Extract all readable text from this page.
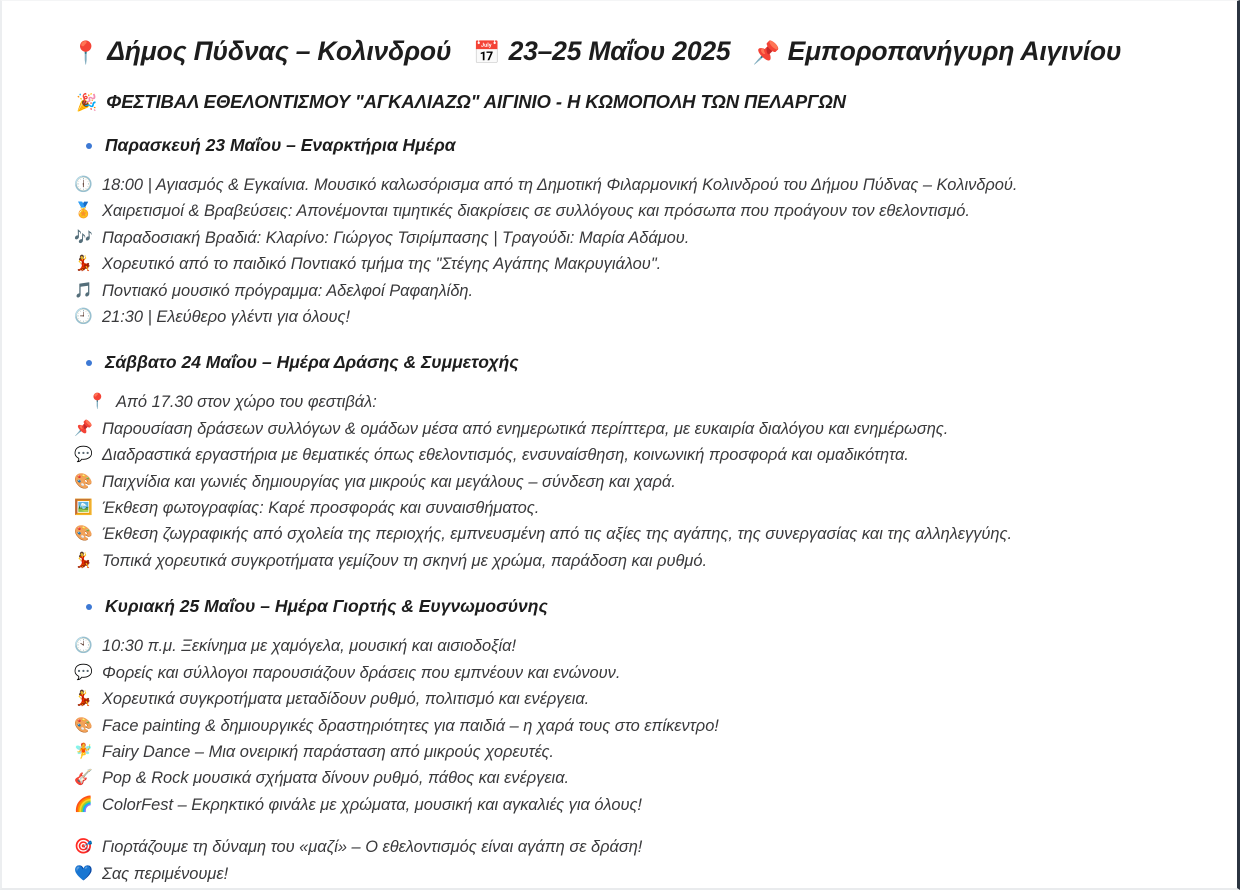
📍 Δήμος Πύδνας – Κολινδρού 📅 23–25 Μαΐου 2025 📌 Εμποροπανήγυρη Αιγινίου
🎉 ΦΕΣΤΙΒΑΛ ΕΘΕΛΟΝΤΙΣΜΟΥ "ΑΓΚΑΛΙΑΖΩ" ΑΙΓΙΝΙΟ - Η ΚΩΜΟΠΟΛΗ ΤΩΝ ΠΕΛΑΡΓΩΝ
Παρασκευή 23 Μαΐου – Εναρκτήρια Ημέρα
🕕 18:00 | Αγιασμός & Εγκαίνια. Μουσικό καλωσόρισμα από τη Δημοτική Φιλαρμονική Κολινδρού του Δήμου Πύδνας – Κολινδρού.
🏅 Χαιρετισμοί & Βραβεύσεις: Απονέμονται τιμητικές διακρίσεις σε συλλόγους και πρόσωπα που προάγουν τον εθελοντισμό.
🎶 Παραδοσιακή Βραδιά: Κλαρίνο: Γιώργος Τσιρίμπασης | Τραγούδι: Μαρία Αδάμου.
💃 Χορευτικό από το παιδικό Ποντιακό τμήμα της "Στέγης Αγάπης Μακρυγιάλου".
🎵 Ποντιακό μουσικό πρόγραμμα: Αδελφοί Ραφαηλίδη.
🕘 21:30 | Ελεύθερο γλέντι για όλους!
Σάββατο 24 Μαΐου – Ημέρα Δράσης & Συμμετοχής
📍 Από 17.30 στον χώρο του φεστιβάλ:
📌 Παρουσίαση δράσεων συλλόγων & ομάδων μέσα από ενημερωτικά περίπτερα, με ευκαιρία διαλόγου και ενημέρωσης.
💬 Διαδραστικά εργαστήρια με θεματικές όπως εθελοντισμός, ενσυναίσθηση, κοινωνική προσφορά και ομαδικότητα.
🎨 Παιχνίδια και γωνιές δημιουργίας για μικρούς και μεγάλους – σύνδεση και χαρά.
🖼️ Έκθεση φωτογραφίας: Καρέ προσφοράς και συναισθήματος.
🎨 Έκθεση ζωγραφικής από σχολεία της περιοχής, εμπνευσμένη από τις αξίες της αγάπης, της συνεργασίας και της αλληλεγγύης.
💃 Τοπικά χορευτικά συγκροτήματα γεμίζουν τη σκηνή με χρώμα, παράδοση και ρυθμό.
Κυριακή 25 Μαΐου – Ημέρα Γιορτής & Ευγνωμοσύνης
🕙 10:30 π.μ. Ξεκίνημα με χαμόγελα, μουσική και αισιοδοξία!
💬 Φορείς και σύλλογοι παρουσιάζουν δράσεις που εμπνέουν και ενώνουν.
💃 Χορευτικά συγκροτήματα μεταδίδουν ρυθμό, πολιτισμό και ενέργεια.
🎨 Face painting & δημιουργικές δραστηριότητες για παιδιά – η χαρά τους στο επίκεντρο!
🧚 Fairy Dance – Μια ονειρική παράσταση από μικρούς χορευτές.
🎸 Pop & Rock μουσικά σχήματα δίνουν ρυθμό, πάθος και ενέργεια.
🌈 ColorFest – Εκρηκτικό φινάλε με χρώματα, μουσική και αγκαλιές για όλους!
🎯 Γιορτάζουμε τη δύναμη του «μαζί» – Ο εθελοντισμός είναι αγάπη σε δράση!
💙 Σας περιμένουμε!
